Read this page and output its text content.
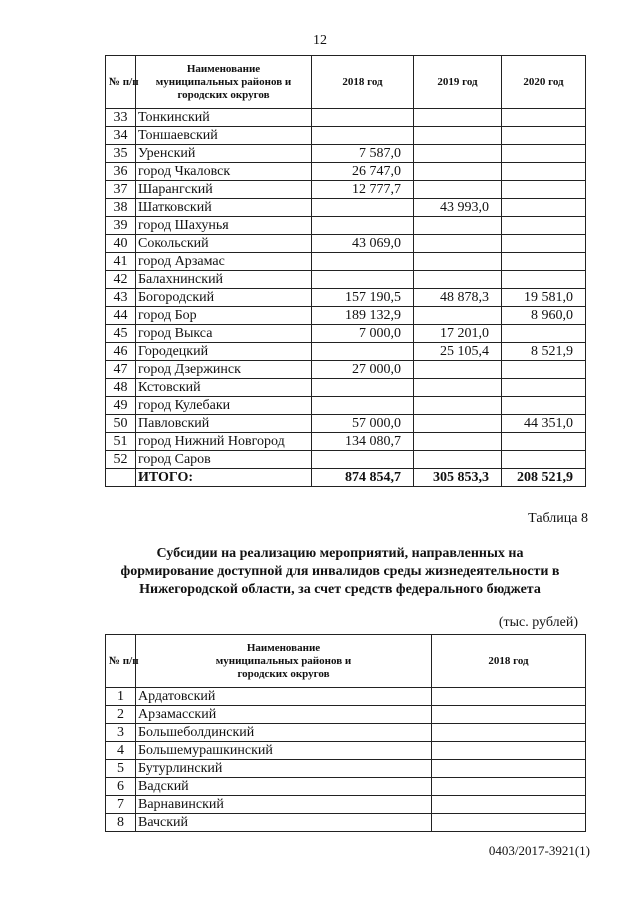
12
№ п/п	Наименование муниципальных районов и городских округов	2018 год	2019 год	2020 год
33	Тонкинский			
34	Тоншаевский			
35	Уренский	7 587,0		
36	город Чкаловск	26 747,0		
37	Шарангский	12 777,7		
38	Шатковский		43 993,0	
39	город Шахунья			
40	Сокольский	43 069,0		
41	город Арзамас			
42	Балахнинский			
43	Богородский	157 190,5	48 878,3	19 581,0
44	город Бор	189 132,9		8 960,0
45	город Выкса	7 000,0	17 201,0	
46	Городецкий		25 105,4	8 521,9
47	город Дзержинск	27 000,0		
48	Кстовский			
49	город Кулебаки			
50	Павловский	57 000,0		44 351,0
51	город Нижний Новгород	134 080,7		
52	город Саров			
	ИТОГО:	874 854,7	305 853,3	208 521,9
Таблица 8
Субсидии на реализацию мероприятий, направленных на
формирование доступной для инвалидов среды жизнедеятельности в
Нижегородской области, за счет средств федерального бюджета
(тыс. рублей)
№ п/п	Наименование муниципальных районов и городских округов	2018 год
1	Ардатовский	
2	Арзамасский	
3	Большеболдинский	
4	Большемурашкинский	
5	Бутурлинский	
6	Вадский	
7	Варнавинский	
8	Вачский	
0403/2017-3921(1)
